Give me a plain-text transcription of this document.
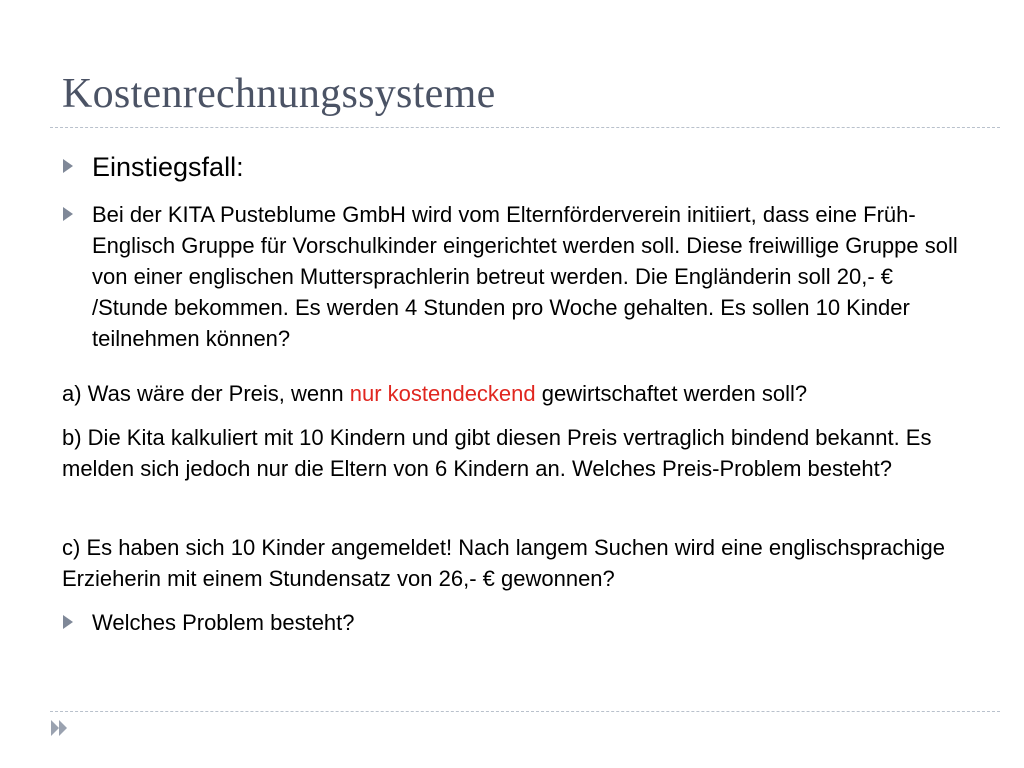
Kostenrechnungssysteme
Einstiegsfall:
Bei der KITA Pusteblume GmbH wird vom Elternförderverein initiiert, dass eine Früh-Englisch Gruppe für Vorschulkinder eingerichtet werden soll. Diese freiwillige Gruppe soll von einer englischen Muttersprachlerin betreut werden. Die Engländerin soll 20,- € /Stunde bekommen. Es werden 4 Stunden pro Woche gehalten. Es sollen 10 Kinder teilnehmen können?
a) Was wäre der Preis, wenn nur kostendeckend gewirtschaftet werden soll?
b) Die Kita kalkuliert mit 10 Kindern und gibt diesen Preis vertraglich bindend bekannt. Es melden sich jedoch nur die Eltern von 6 Kindern an. Welches Preis-Problem besteht?
c) Es haben sich 10 Kinder angemeldet! Nach langem Suchen wird eine englischsprachige Erzieherin mit einem Stundensatz von 26,- € gewonnen?
Welches Problem besteht?
